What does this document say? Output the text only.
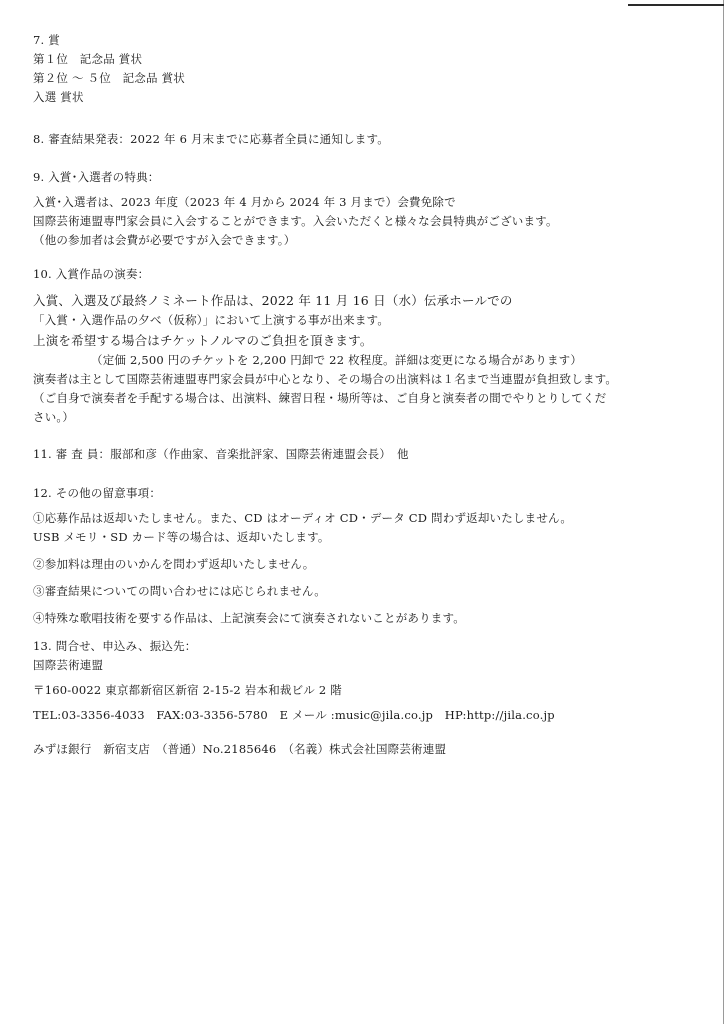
7. 賞
第１位　記念品 賞状
第２位 ～ ５位　記念品 賞状
入選 賞状
8. 審査結果発表：2022 年 6 月末までに応募者全員に通知します。
9. 入賞･入選者の特典：
入賞･入選者は、2023 年度（2023 年 4 月から 2024 年 3 月まで）会費免除で
国際芸術連盟専門家会員に入会することができます。入会いただくと様々な会員特典がございます。
（他の参加者は会費が必要ですが入会できます。）
10. 入賞作品の演奏：
入賞、入選及び最終ノミネート作品は、2022 年 11 月 16 日（水）伝承ホールでの
「入賞・入選作品の夕べ（仮称）」において上演する事が出来ます。
上演を希望する場合はチケットノルマのご負担を頂きます。
（定価 2,500 円のチケットを 2,200 円卸で 22 枚程度。詳細は変更になる場合があります）
演奏者は主として国際芸術連盟専門家会員が中心となり、その場合の出演料は１名まで当連盟が負担致します。
（ご自身で演奏者を手配する場合は、出演料、練習日程・場所等は、ご自身と演奏者の間でやりとりしてくだ
さい。）
11. 審 査 員：服部和彦（作曲家、音楽批評家、国際芸術連盟会長）　他
12. その他の留意事項：
①応募作品は返却いたしません。また、CD はオーディオ CD・データ CD 問わず返却いたしません。
USB メモリ・SD カード等の場合は、返却いたします。
②参加料は理由のいかんを問わず返却いたしません。
③審査結果についての問い合わせには応じられません。
④特殊な歌唱技術を要する作品は、上記演奏会にて演奏されないことがあります。
13. 問合せ、申込み、振込先：
国際芸術連盟
〒160-0022 東京都新宿区新宿 2-15-2 岩本和裁ビル 2 階
TEL:03-3356-4033　FAX:03-3356-5780　E メール :music@jila.co.jp　HP:http://jila.co.jp
みずほ銀行　新宿支店　（普通）No.2185646　（名義）株式会社国際芸術連盟
